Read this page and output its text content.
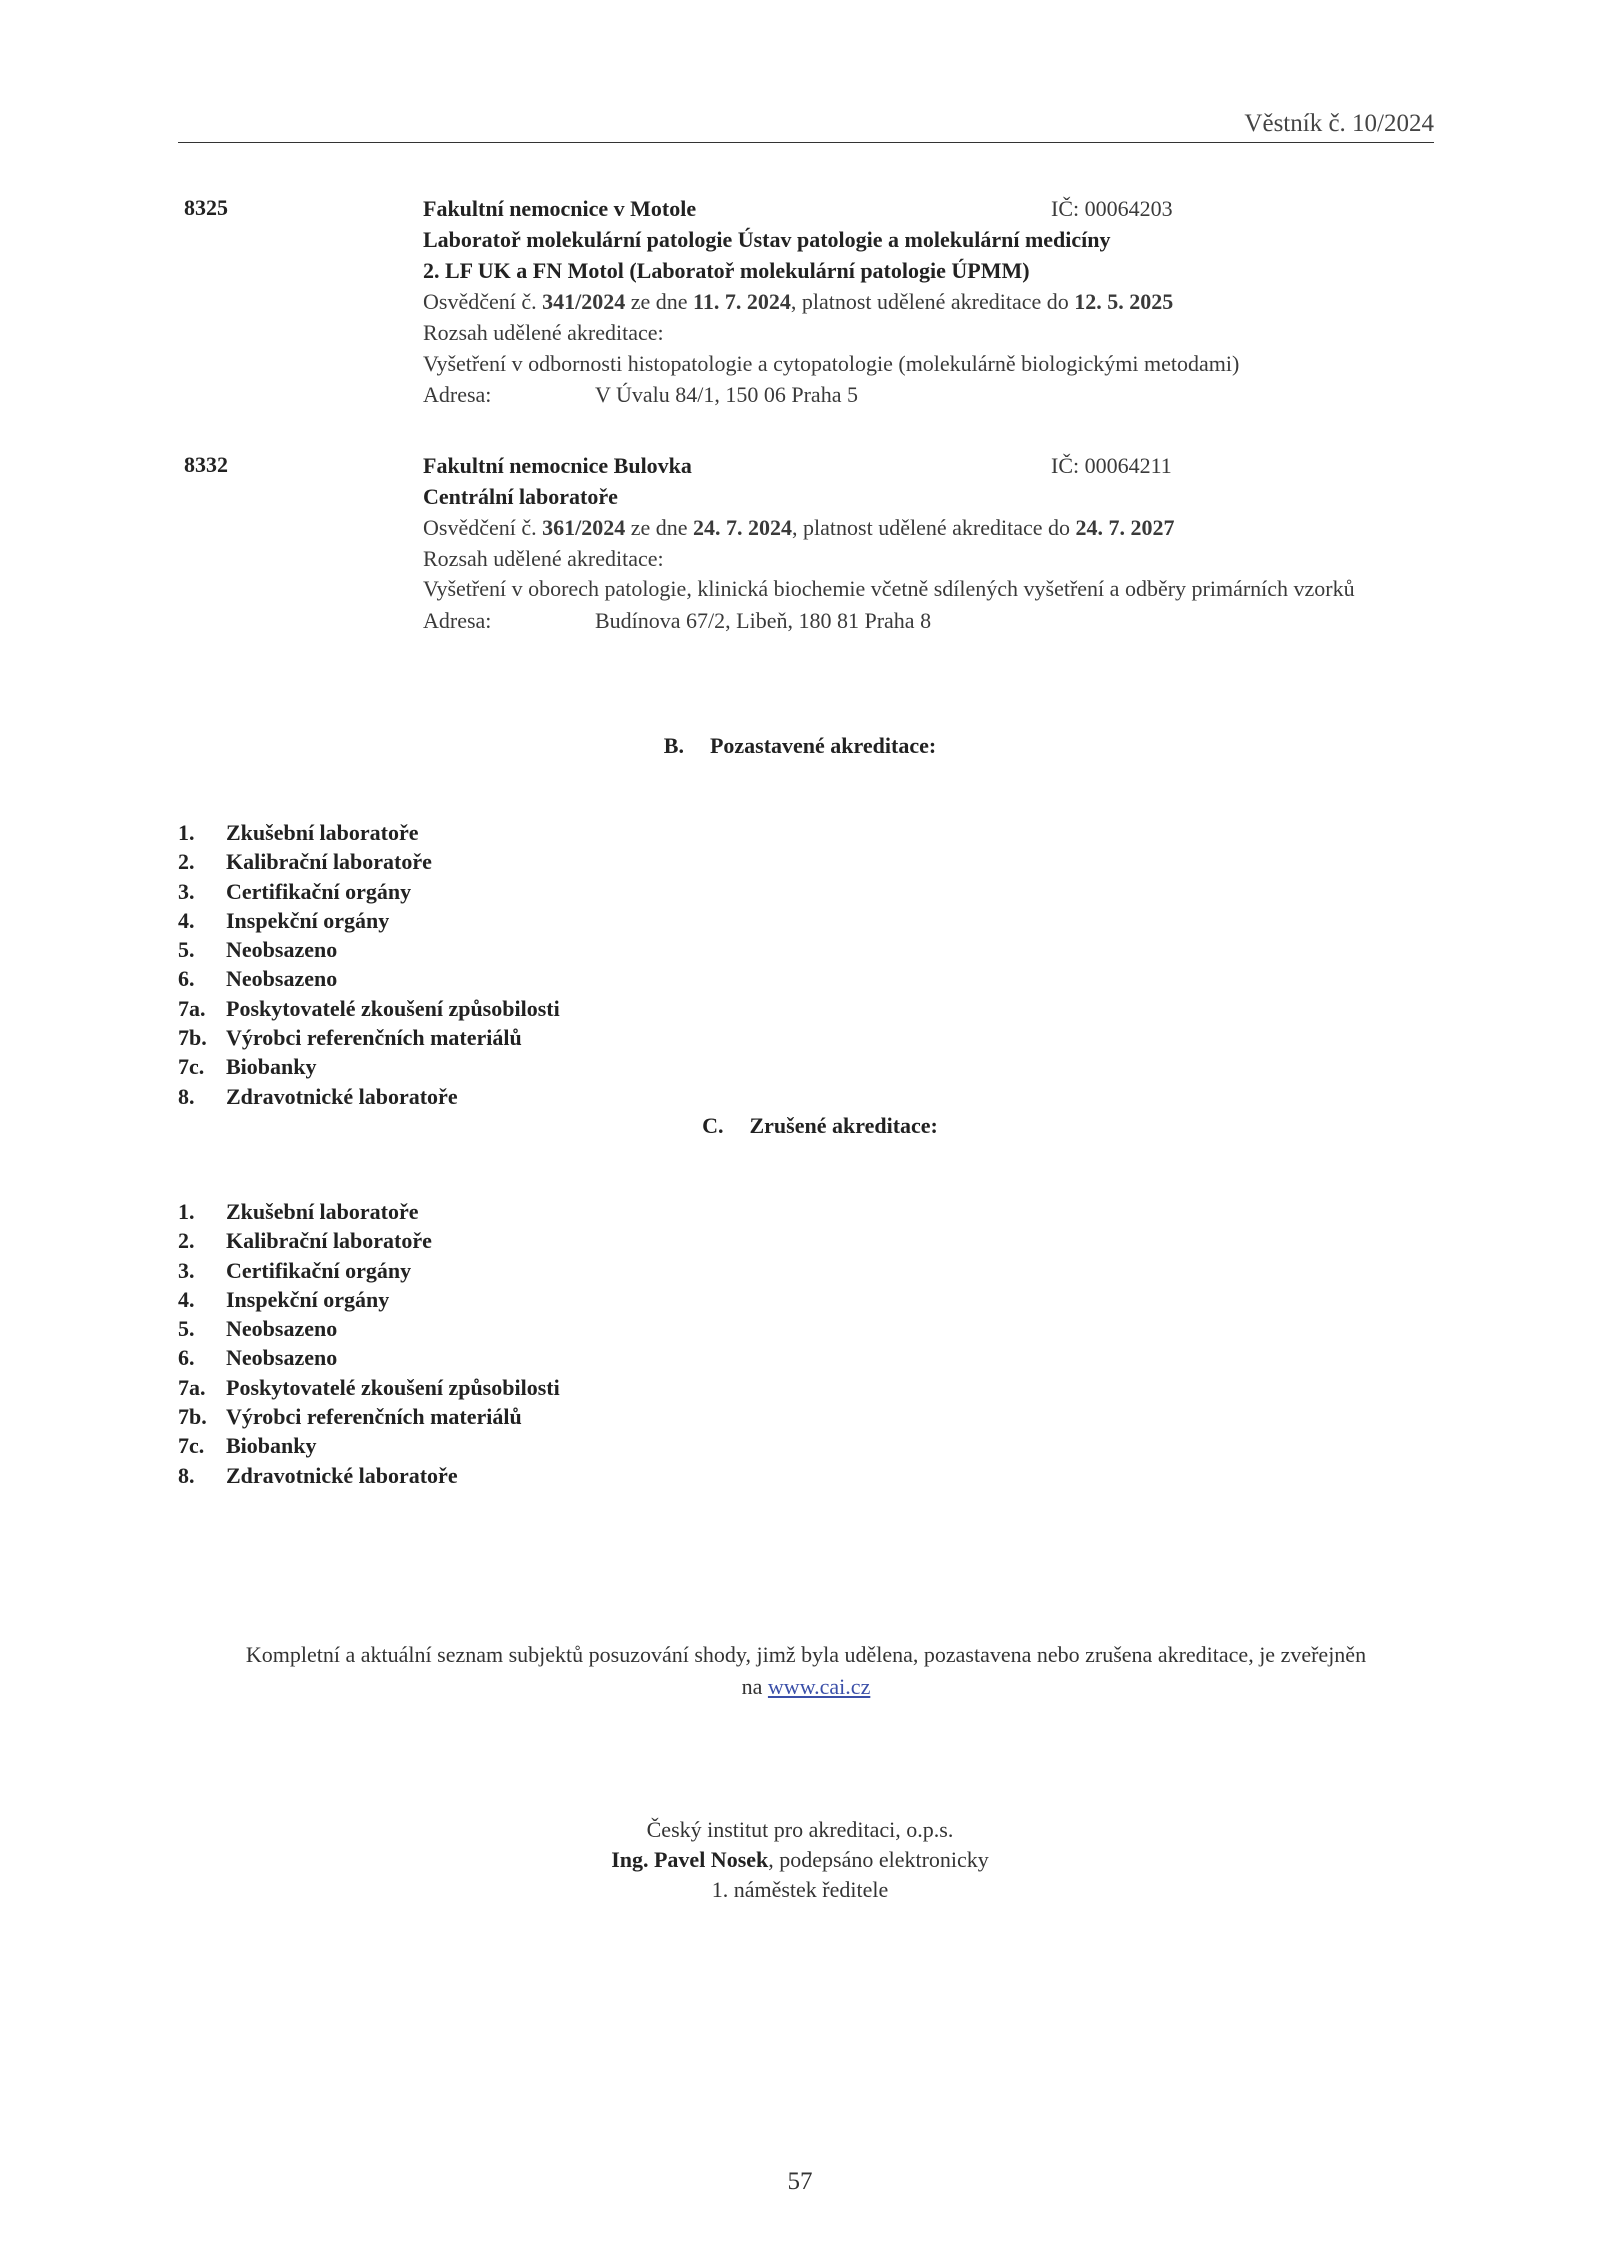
Věstník č. 10/2024
8325	Fakultní nemocnice v Motole	IČ: 00064203
Laboratoř molekulární patologie Ústav patologie a molekulární medicíny
2. LF UK a FN Motol (Laboratoř molekulární patologie ÚPMM)
Osvědčení č. 341/2024 ze dne 11. 7. 2024, platnost udělené akreditace do 12. 5. 2025
Rozsah udělené akreditace:
Vyšetření v odbornosti histopatologie a cytopatologie (molekulárně biologickými metodami)
Adresa:	V Úvalu 84/1, 150 06 Praha 5
8332	Fakultní nemocnice Bulovka	IČ: 00064211
Centrální laboratoře
Osvědčení č. 361/2024 ze dne 24. 7. 2024, platnost udělené akreditace do 24. 7. 2027
Rozsah udělené akreditace:
Vyšetření v oborech patologie, klinická biochemie včetně sdílených vyšetření a odběry primárních vzorků
Adresa:	Budínova 67/2, Libeň, 180 81 Praha 8
B. Pozastavené akreditace:
1. Zkušební laboratoře
2. Kalibrační laboratoře
3. Certifikační orgány
4. Inspekční orgány
5. Neobsazeno
6. Neobsazeno
7a. Poskytovatelé zkoušení způsobilosti
7b. Výrobci referenčních materiálů
7c. Biobanky
8. Zdravotnické laboratoře
C. Zrušené akreditace:
1. Zkušební laboratoře
2. Kalibrační laboratoře
3. Certifikační orgány
4. Inspekční orgány
5. Neobsazeno
6. Neobsazeno
7a. Poskytovatelé zkoušení způsobilosti
7b. Výrobci referenčních materiálů
7c. Biobanky
8. Zdravotnické laboratoře
Kompletní a aktuální seznam subjektů posuzování shody, jimž byla udělena, pozastavena nebo zrušena akreditace, je zveřejněn
na www.cai.cz
Český institut pro akreditaci, o.p.s.
Ing. Pavel Nosek, podepsáno elektronicky
1. náměstek ředitele
57
